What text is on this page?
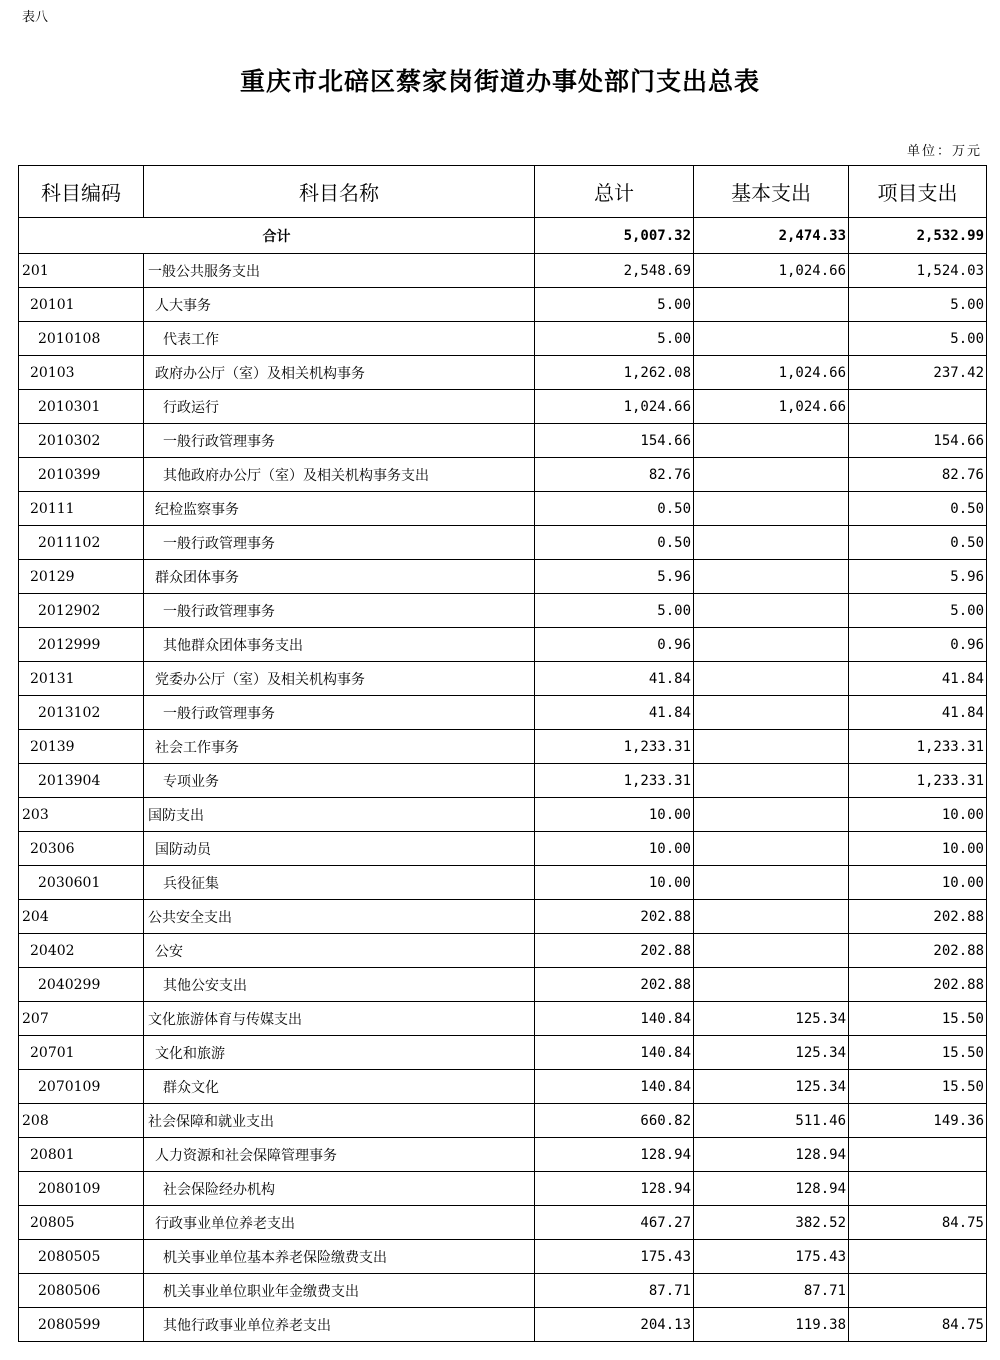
表八
重庆市北碚区蔡家岗街道办事处部门支出总表
单位：万元
科目编码	科目名称	总计	基本支出	项目支出
合计		5,007.32	2,474.33	2,532.99
201	一般公共服务支出	2,548.69	1,024.66	1,524.03
20101	人大事务	5.00		5.00
2010108	代表工作	5.00		5.00
20103	政府办公厅（室）及相关机构事务	1,262.08	1,024.66	237.42
2010301	行政运行	1,024.66	1,024.66	
2010302	一般行政管理事务	154.66		154.66
2010399	其他政府办公厅（室）及相关机构事务支出	82.76		82.76
20111	纪检监察事务	0.50		0.50
2011102	一般行政管理事务	0.50		0.50
20129	群众团体事务	5.96		5.96
2012902	一般行政管理事务	5.00		5.00
2012999	其他群众团体事务支出	0.96		0.96
20131	党委办公厅（室）及相关机构事务	41.84		41.84
2013102	一般行政管理事务	41.84		41.84
20139	社会工作事务	1,233.31		1,233.31
2013904	专项业务	1,233.31		1,233.31
203	国防支出	10.00		10.00
20306	国防动员	10.00		10.00
2030601	兵役征集	10.00		10.00
204	公共安全支出	202.88		202.88
20402	公安	202.88		202.88
2040299	其他公安支出	202.88		202.88
207	文化旅游体育与传媒支出	140.84	125.34	15.50
20701	文化和旅游	140.84	125.34	15.50
2070109	群众文化	140.84	125.34	15.50
208	社会保障和就业支出	660.82	511.46	149.36
20801	人力资源和社会保障管理事务	128.94	128.94	
2080109	社会保险经办机构	128.94	128.94	
20805	行政事业单位养老支出	467.27	382.52	84.75
2080505	机关事业单位基本养老保险缴费支出	175.43	175.43	
2080506	机关事业单位职业年金缴费支出	87.71	87.71	
2080599	其他行政事业单位养老支出	204.13	119.38	84.75
